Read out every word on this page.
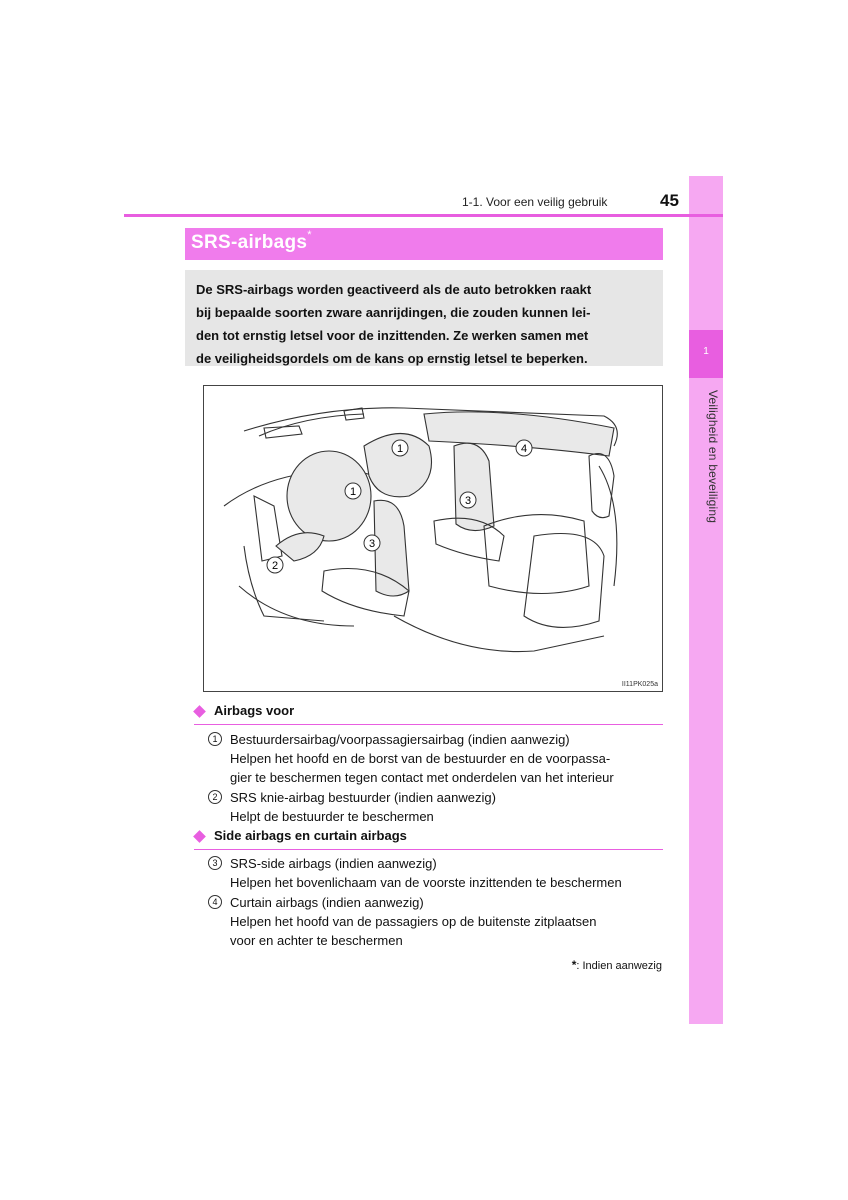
1
Veiligheid en beveiliging
1-1. Voor een veilig gebruik	45
SRS-airbags*
De SRS-airbags worden geactiveerd als de auto betrokken raakt
bij bepaalde soorten zware aanrijdingen, die zouden kunnen lei-
den tot ernstig letsel voor de inzittenden. Ze werken samen met
de veiligheidsgordels om de kans op ernstig letsel te beperken.
1
1
2
3
3
4
II11PK025a
Airbags voor
1 Bestuurdersairbag/voorpassagiersairbag (indien aanwezig)
Helpen het hoofd en de borst van de bestuurder en de voorpassa-
gier te beschermen tegen contact met onderdelen van het interieur
2 SRS knie-airbag bestuurder (indien aanwezig)
Helpt de bestuurder te beschermen
Side airbags en curtain airbags
3 SRS-side airbags (indien aanwezig)
Helpen het bovenlichaam van de voorste inzittenden te beschermen
4 Curtain airbags (indien aanwezig)
Helpen het hoofd van de passagiers op de buitenste zitplaatsen
voor en achter te beschermen
*: Indien aanwezig
